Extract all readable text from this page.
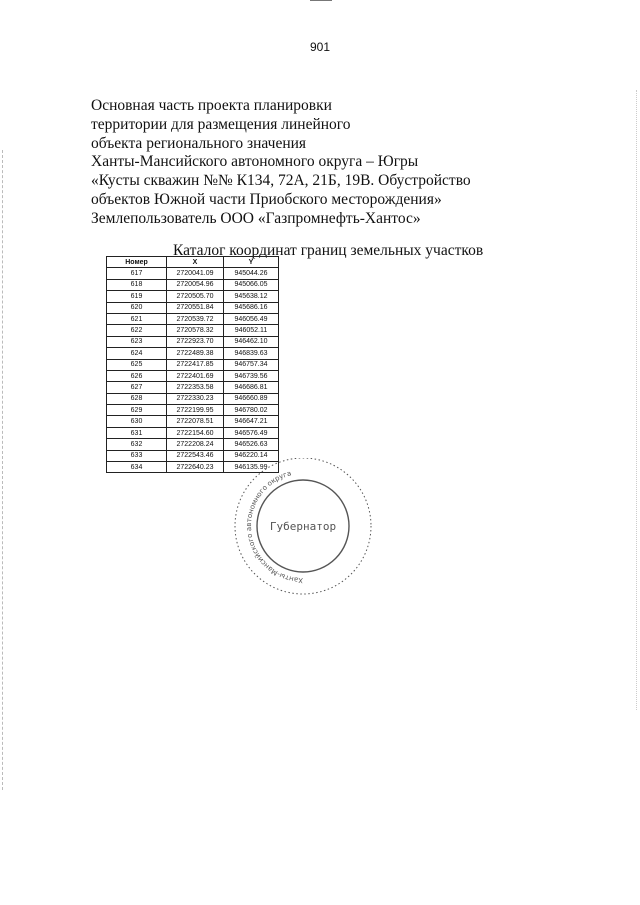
901
Основная часть проекта планировки
территории для размещения линейного
объекта регионального значения
Ханты-Мансийского автономного округа – Югры
«Кусты скважин №№ К134, 72А, 21Б, 19В. Обустройство
объектов Южной части Приобского месторождения»
Землепользователь ООО «Газпромнефть-Хантос»
Каталог координат границ земельных участков
Номер	X	Y
617	2720041.09	945044.26
618	2720054.96	945066.05
619	2720505.70	945638.12
620	2720551.84	945686.16
621	2720539.72	946056.49
622	2720578.32	946052.11
623	2722923.70	946462.10
624	2722489.38	946839.63
625	2722417.85	946757.34
626	2722401.69	946739.56
627	2722353.58	946686.81
628	2722330.23	946660.89
629	2722199.95	946780.02
630	2722078.51	946647.21
631	2722154.60	946576.49
632	2722208.24	946526.63
633	2722543.46	946220.14
634	2722640.23	946135.99
Ханты-Мансийского автономного округа
Губернатор
